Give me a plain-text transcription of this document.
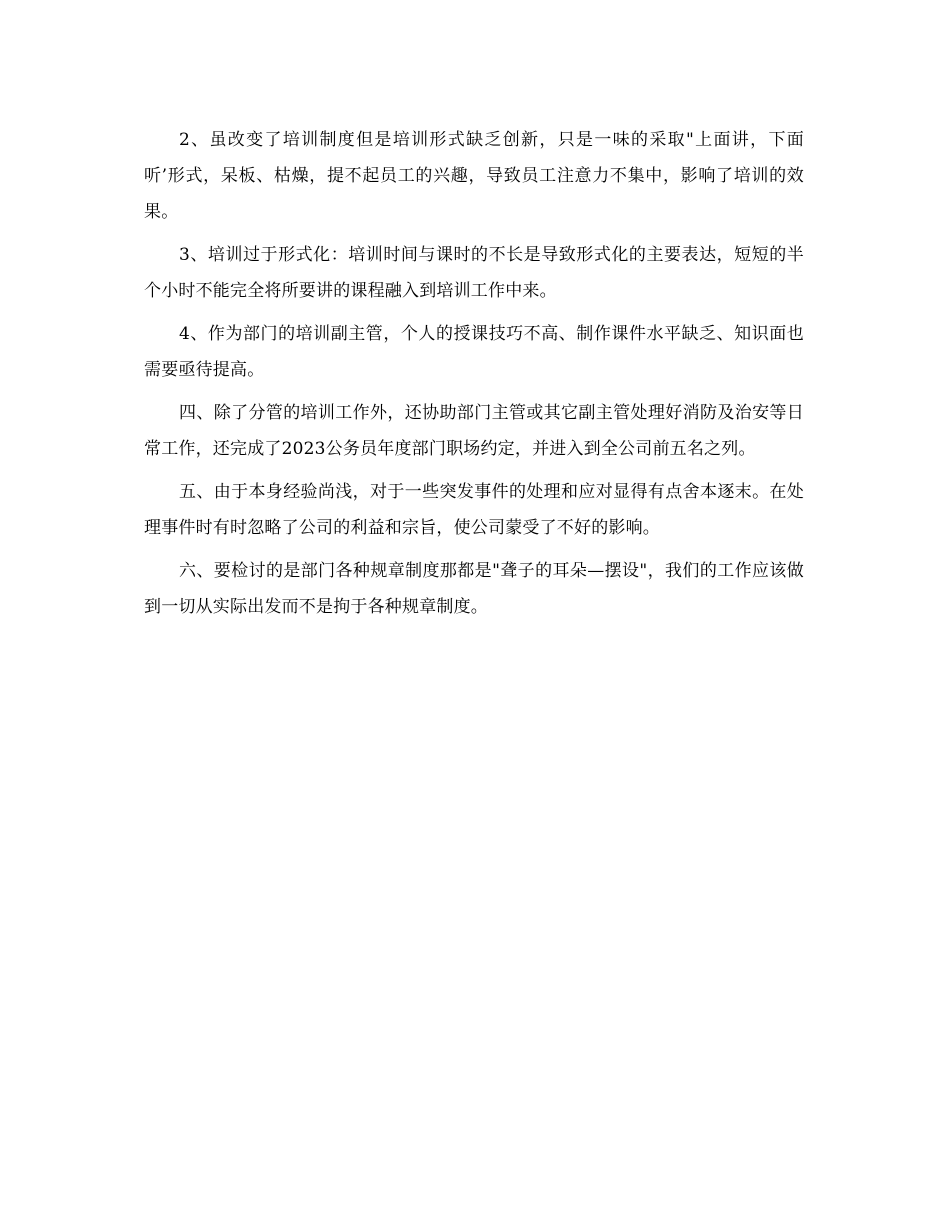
2、虽改变了培训制度但是培训形式缺乏创新，只是一味的采取"上面讲，下面听’形式，呆板、枯燥，提不起员工的兴趣，导致员工注意力不集中，影响了培训的效果。

3、培训过于形式化：培训时间与课时的不长是导致形式化的主要表达，短短的半个小时不能完全将所要讲的课程融入到培训工作中来。

4、作为部门的培训副主管，个人的授课技巧不高、制作课件水平缺乏、知识面也需要亟待提高。

四、除了分管的培训工作外，还协助部门主管或其它副主管处理好消防及治安等日常工作，还完成了2023公务员年度部门职场约定，并进入到全公司前五名之列。

五、由于本身经验尚浅，对于一些突发事件的处理和应对显得有点舍本逐末。在处理事件时有时忽略了公司的利益和宗旨，使公司蒙受了不好的影响。

六、要检讨的是部门各种规章制度那都是"聋子的耳朵—摆设"，我们的工作应该做到一切从实际出发而不是拘于各种规章制度。
